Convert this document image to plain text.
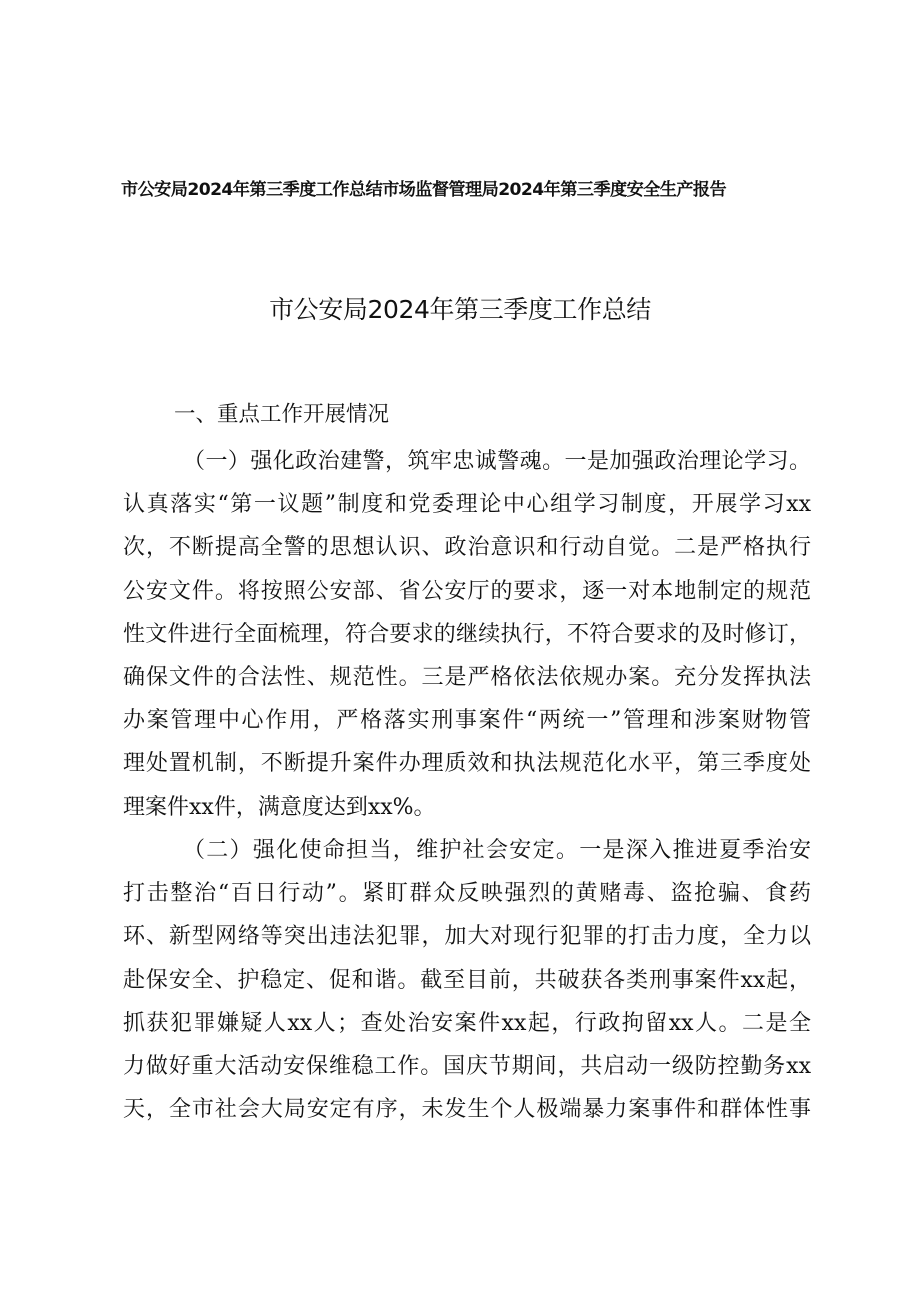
市公安局2024年第三季度工作总结市场监督管理局2024年第三季度安全生产报告
市公安局2024年第三季度工作总结
一、重点工作开展情况
（一）强化政治建警，筑牢忠诚警魂。一是加强政治理论学习。
认真落实“第一议题”制度和党委理论中心组学习制度，开展学习xx
次，不断提高全警的思想认识、政治意识和行动自觉。二是严格执行
公安文件。将按照公安部、省公安厅的要求，逐一对本地制定的规范
性文件进行全面梳理，符合要求的继续执行，不符合要求的及时修订，
确保文件的合法性、规范性。三是严格依法依规办案。充分发挥执法
办案管理中心作用，严格落实刑事案件“两统一”管理和涉案财物管
理处置机制，不断提升案件办理质效和执法规范化水平，第三季度处
理案件xx件，满意度达到xx%。
（二）强化使命担当，维护社会安定。一是深入推进夏季治安
打击整治“百日行动”。紧盯群众反映强烈的黄赌毒、盗抢骗、食药
环、新型网络等突出违法犯罪，加大对现行犯罪的打击力度，全力以
赴保安全、护稳定、促和谐。截至目前，共破获各类刑事案件xx起，
抓获犯罪嫌疑人xx人；查处治安案件xx起，行政拘留xx人。二是全
力做好重大活动安保维稳工作。国庆节期间，共启动一级防控勤务xx
天，全市社会大局安定有序，未发生个人极端暴力案事件和群体性事
